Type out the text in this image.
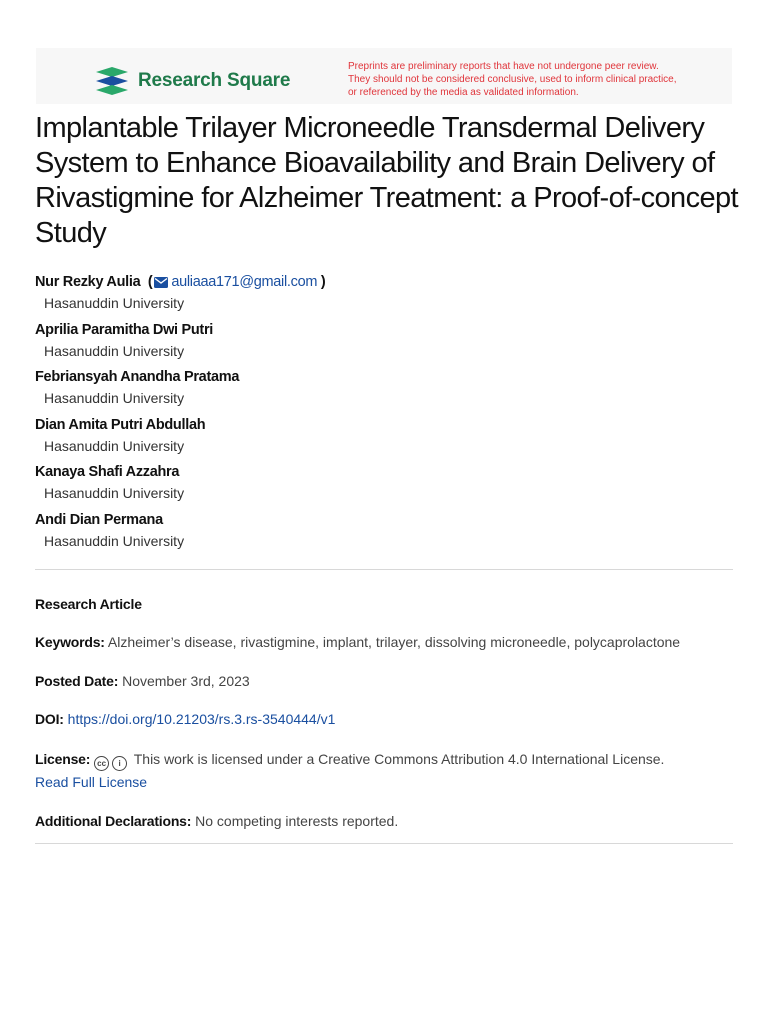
Research Square
Preprints are preliminary reports that have not undergone peer review.
They should not be considered conclusive, used to inform clinical practice,
or referenced by the media as validated information.
Implantable Trilayer Microneedle Transdermal Delivery System to Enhance Bioavailability and Brain Delivery of Rivastigmine for Alzheimer Treatment: a Proof-of-concept Study
Nur Rezky Aulia  ( auliaaa171@gmail.com )
Hasanuddin University
Aprilia Paramitha Dwi Putri
Hasanuddin University
Febriansyah Anandha Pratama
Hasanuddin University
Dian Amita Putri Abdullah
Hasanuddin University
Kanaya Shafi Azzahra
Hasanuddin University
Andi Dian Permana
Hasanuddin University
Research Article
Keywords: Alzheimer’s disease, rivastigmine, implant, trilayer, dissolving microneedle, polycaprolactone
Posted Date: November 3rd, 2023
DOI: https://doi.org/10.21203/rs.3.rs-3540444/v1
License: cc i This work is licensed under a Creative Commons Attribution 4.0 International License.
Read Full License
Additional Declarations: No competing interests reported.
